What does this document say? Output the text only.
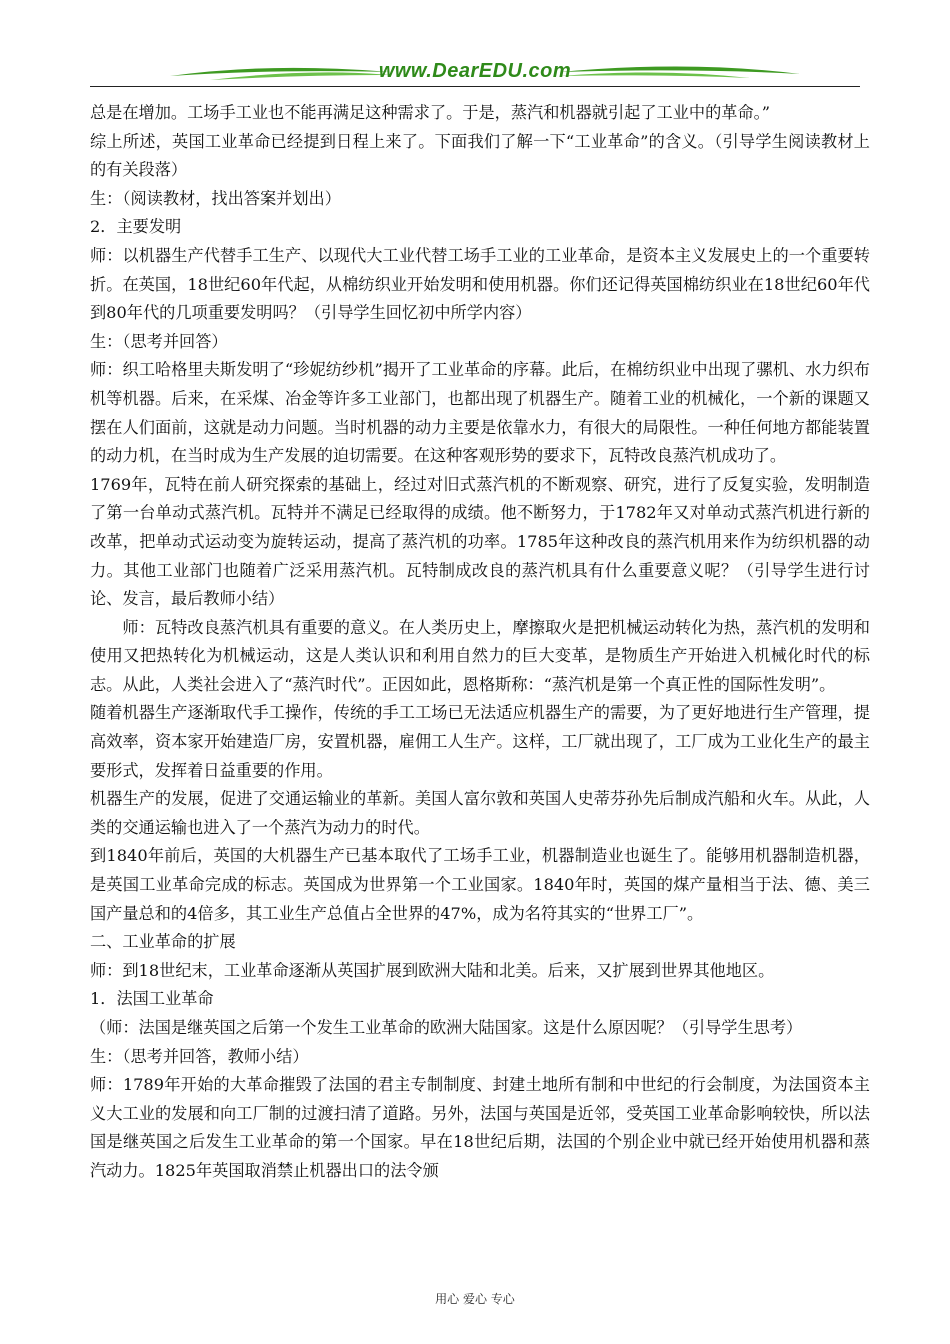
www.DearEDU.com

总是在增加。工场手工业也不能再满足这种需求了。于是，蒸汽和机器就引起了工业中的革命。”

综上所述，英国工业革命已经提到日程上来了。下面我们了解一下“工业革命”的含义。（引导学生阅读教材上的有关段落）

生：（阅读教材，找出答案并划出）

2．主要发明

师：以机器生产代替手工生产、以现代大工业代替工场手工业的工业革命，是资本主义发展史上的一个重要转折。在英国，18世纪60年代起，从棉纺织业开始发明和使用机器。你们还记得英国棉纺织业在18世纪60年代到80年代的几项重要发明吗？（引导学生回忆初中所学内容）

生：（思考并回答）

师：织工哈格里夫斯发明了“珍妮纺纱机”揭开了工业革命的序幕。此后，在棉纺织业中出现了骡机、水力织布机等机器。后来，在采煤、冶金等许多工业部门，也都出现了机器生产。随着工业的机械化，一个新的课题又摆在人们面前，这就是动力问题。当时机器的动力主要是依靠水力，有很大的局限性。一种任何地方都能装置的动力机，在当时成为生产发展的迫切需要。在这种客观形势的要求下，瓦特改良蒸汽机成功了。

1769年，瓦特在前人研究探索的基础上，经过对旧式蒸汽机的不断观察、研究，进行了反复实验，发明制造了第一台单动式蒸汽机。瓦特并不满足已经取得的成绩。他不断努力，于1782年又对单动式蒸汽机进行新的改革，把单动式运动变为旋转运动，提高了蒸汽机的功率。1785年这种改良的蒸汽机用来作为纺织机器的动力。其他工业部门也随着广泛采用蒸汽机。瓦特制成改良的蒸汽机具有什么重要意义呢？（引导学生进行讨论、发言，最后教师小结）

师：瓦特改良蒸汽机具有重要的意义。在人类历史上，摩擦取火是把机械运动转化为热，蒸汽机的发明和使用又把热转化为机械运动，这是人类认识和利用自然力的巨大变革，是物质生产开始进入机械化时代的标志。从此，人类社会进入了“蒸汽时代”。正因如此，恩格斯称：“蒸汽机是第一个真正性的国际性发明”。

随着机器生产逐渐取代手工操作，传统的手工工场已无法适应机器生产的需要，为了更好地进行生产管理，提高效率，资本家开始建造厂房，安置机器，雇佣工人生产。这样，工厂就出现了，工厂成为工业化生产的最主要形式，发挥着日益重要的作用。

机器生产的发展，促进了交通运输业的革新。美国人富尔敦和英国人史蒂芬孙先后制成汽船和火车。从此，人类的交通运输也进入了一个蒸汽为动力的时代。

到1840年前后，英国的大机器生产已基本取代了工场手工业，机器制造业也诞生了。能够用机器制造机器，是英国工业革命完成的标志。英国成为世界第一个工业国家。1840年时，英国的煤产量相当于法、德、美三国产量总和的4倍多，其工业生产总值占全世界的47%，成为名符其实的“世界工厂”。

二、工业革命的扩展

师：到18世纪末，工业革命逐渐从英国扩展到欧洲大陆和北美。后来，又扩展到世界其他地区。

1．法国工业革命

（师：法国是继英国之后第一个发生工业革命的欧洲大陆国家。这是什么原因呢？（引导学生思考）

生：（思考并回答，教师小结）

师：1789年开始的大革命摧毁了法国的君主专制制度、封建土地所有制和中世纪的行会制度，为法国资本主义大工业的发展和向工厂制的过渡扫清了道路。另外，法国与英国是近邻，受英国工业革命影响较快，所以法国是继英国之后发生工业革命的第一个国家。早在18世纪后期，法国的个别企业中就已经开始使用机器和蒸汽动力。1825年英国取消禁止机器出口的法令颁

用心 爱心 专心
